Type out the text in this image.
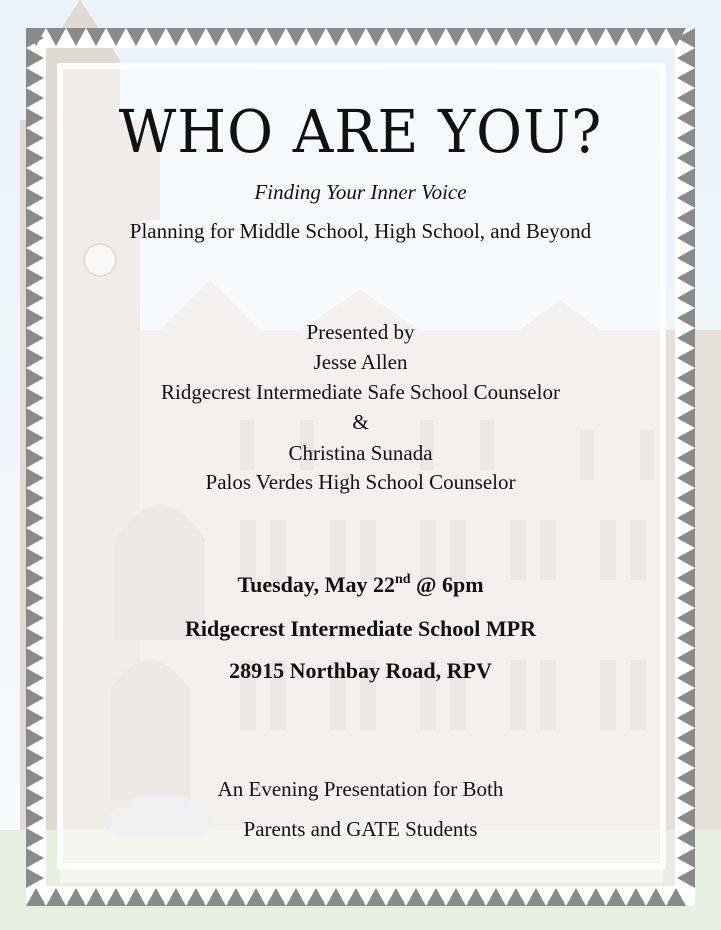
WHO ARE YOU?
Finding Your Inner Voice
Planning for Middle School, High School, and Beyond
Presented by
Jesse Allen
Ridgecrest Intermediate Safe School Counselor
&
Christina Sunada
Palos Verdes High School Counselor
Tuesday, May 22nd @ 6pm
Ridgecrest Intermediate School MPR
28915 Northbay Road, RPV
An Evening Presentation for Both
Parents and GATE Students
